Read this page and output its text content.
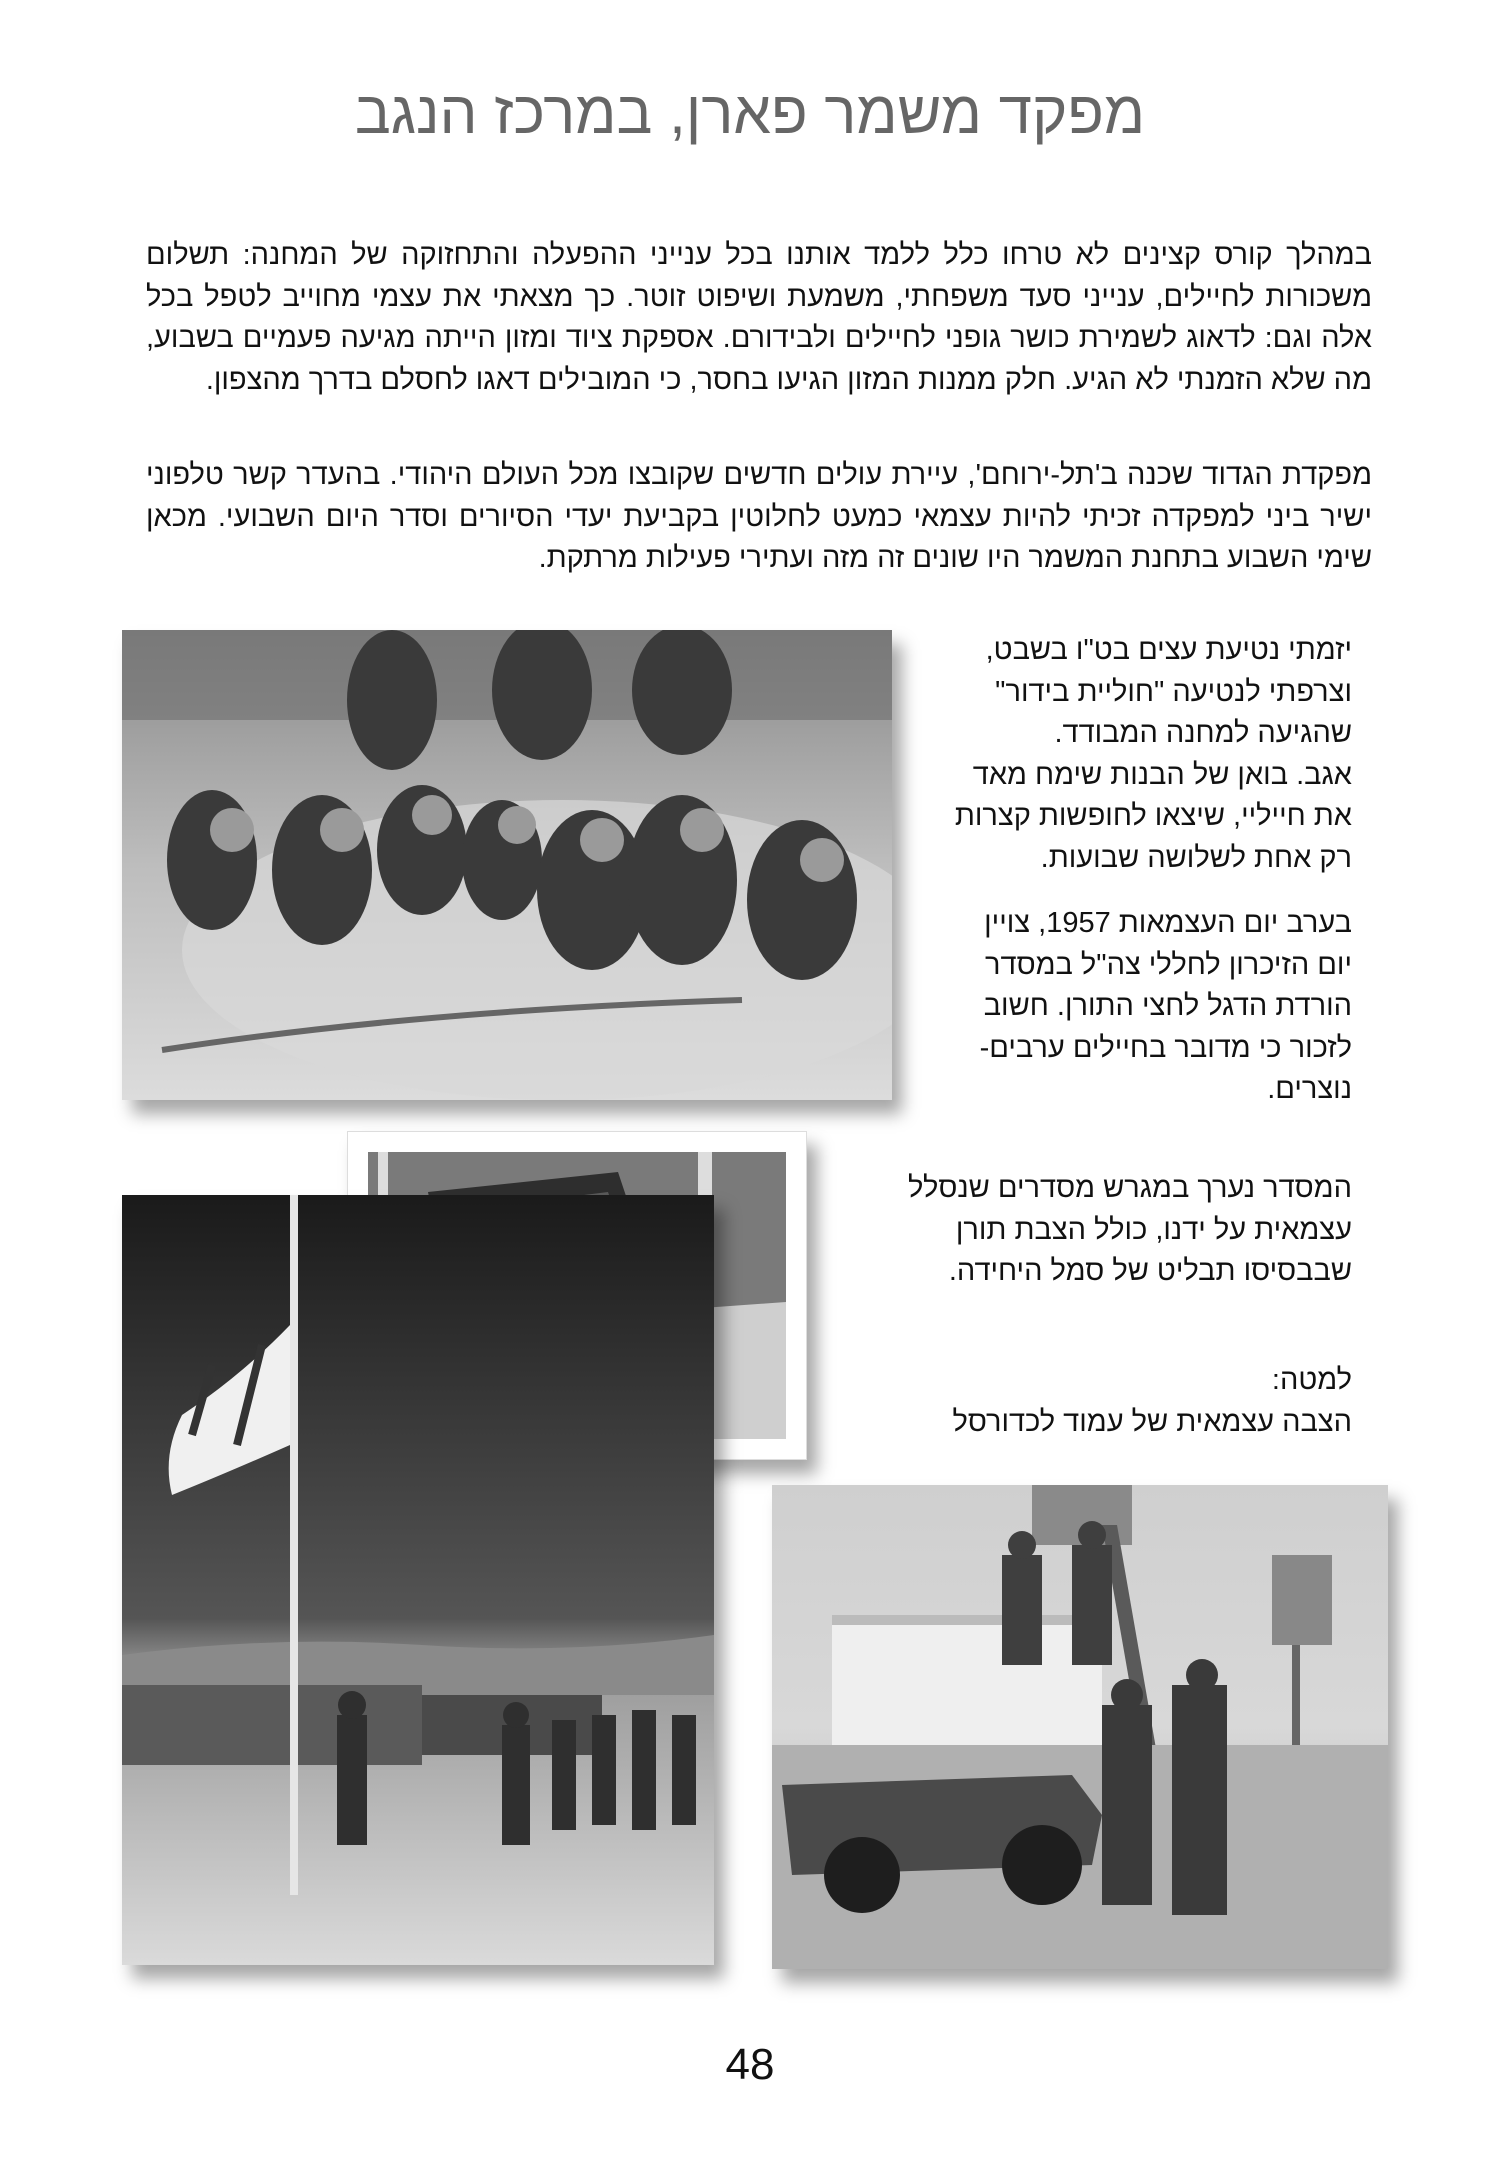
מפקד משמר פארן, במרכז הנגב

במהלך קורס קצינים לא טרחו כלל ללמד אותנו בכל ענייני ההפעלה והתחזוקה של המחנה: תשלום משכורות לחיילים, ענייני סעד משפחתי, משמעת ושיפוט זוטר. כך מצאתי את עצמי מחוייב לטפל בכל אלה וגם: לדאוג לשמירת כושר גופני לחיילים ולבידורם. אספקת ציוד ומזון הייתה מגיעה פעמיים בשבוע, מה שלא הזמנתי לא הגיע. חלק ממנות המזון הגיעו בחסר, כי המובילים דאגו לחסלם בדרך מהצפון.

מפקדת הגדוד שכנה ב'תל-ירוחם', עיירת עולים חדשים שקובצו מכל העולם היהודי. בהעדר קשר טלפוני ישיר ביני למפקדה זכיתי להיות עצמאי כמעט לחלוטין בקביעת יעדי הסיורים וסדר היום השבועי. מכאן שימי השבוע בתחנת המשמר היו שונים זה מזה ועתירי פעילות מרתקת.

יזמתי נטיעת עצים בט"ו בשבט,
וצרפתי לנטיעה "חוליית בידור"
שהגיעה למחנה המבודד.
אגב. בואן של הבנות שימח מאד
את חייליי, שיצאו לחופשות קצרות
רק אחת לשלושה שבועות.

בערב יום העצמאות 1957, צויין
יום הזיכרון לחללי צה"ל במסדר
הורדת הדגל לחצי התורן. חשוב
לזכור כי מדובר בחיילים ערבים-
נוצרים.

המסדר נערך במגרש מסדרים שנסלל
עצמאית על ידנו, כולל הצבת תורן
שבבסיסו תבליט של סמל היחידה.

למטה:
הצבה עצמאית של עמוד לכדורסל

48
